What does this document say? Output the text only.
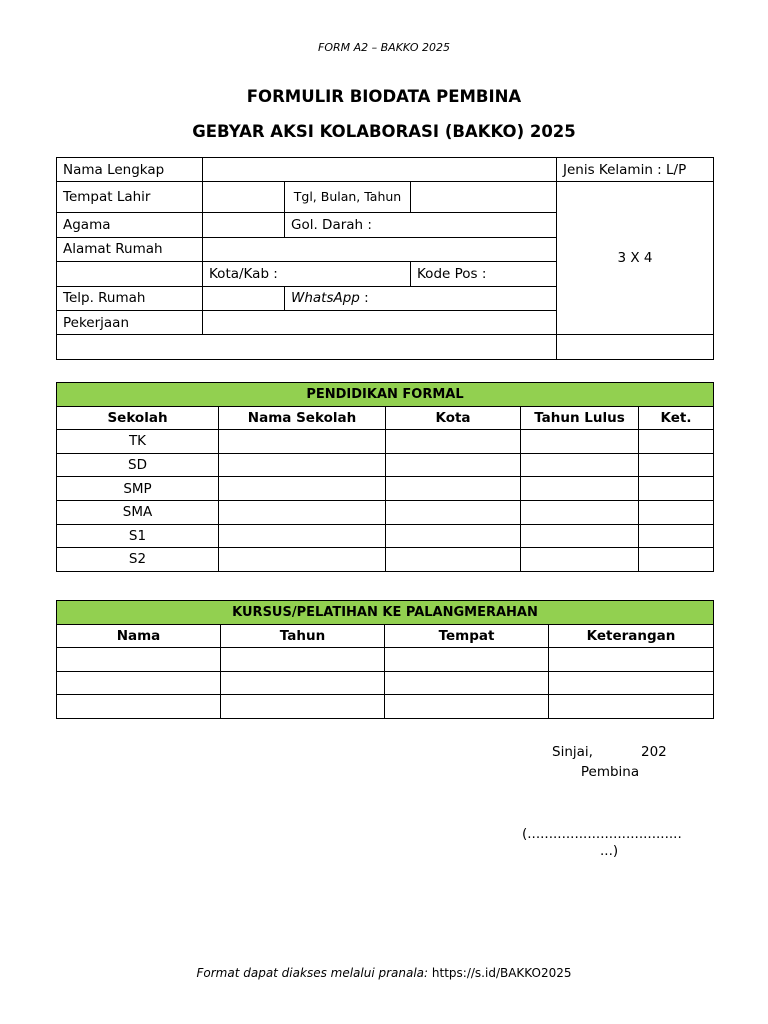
FORM A2 – BAKKO 2025
FORMULIR BIODATA PEMBINA
GEBYAR AKSI KOLABORASI (BAKKO) 2025
Nama Lengkap				Jenis Kelamin : L/P
Tempat Lahir		Tgl, Bulan, Tahun		3 X 4
Agama		Gol. Darah :		
Alamat Rumah				
	Kota/Kab :		Kode Pos :	
Telp. Rumah		WhatsApp :		
Pekerjaan				

PENDIDIKAN FORMAL				
Sekolah	Nama Sekolah	Kota	Tahun Lulus	Ket.
TK				
SD				
SMP				
SMA				
S1				
S2				
KURSUS/PELATIHAN KE PALANGMERAHAN			
Nama	Tahun	Tempat	Keterangan

Sinjai,	202
Pembina
(....................................
...)
Format dapat diakses melalui pranala: https://s.id/BAKKO2025
